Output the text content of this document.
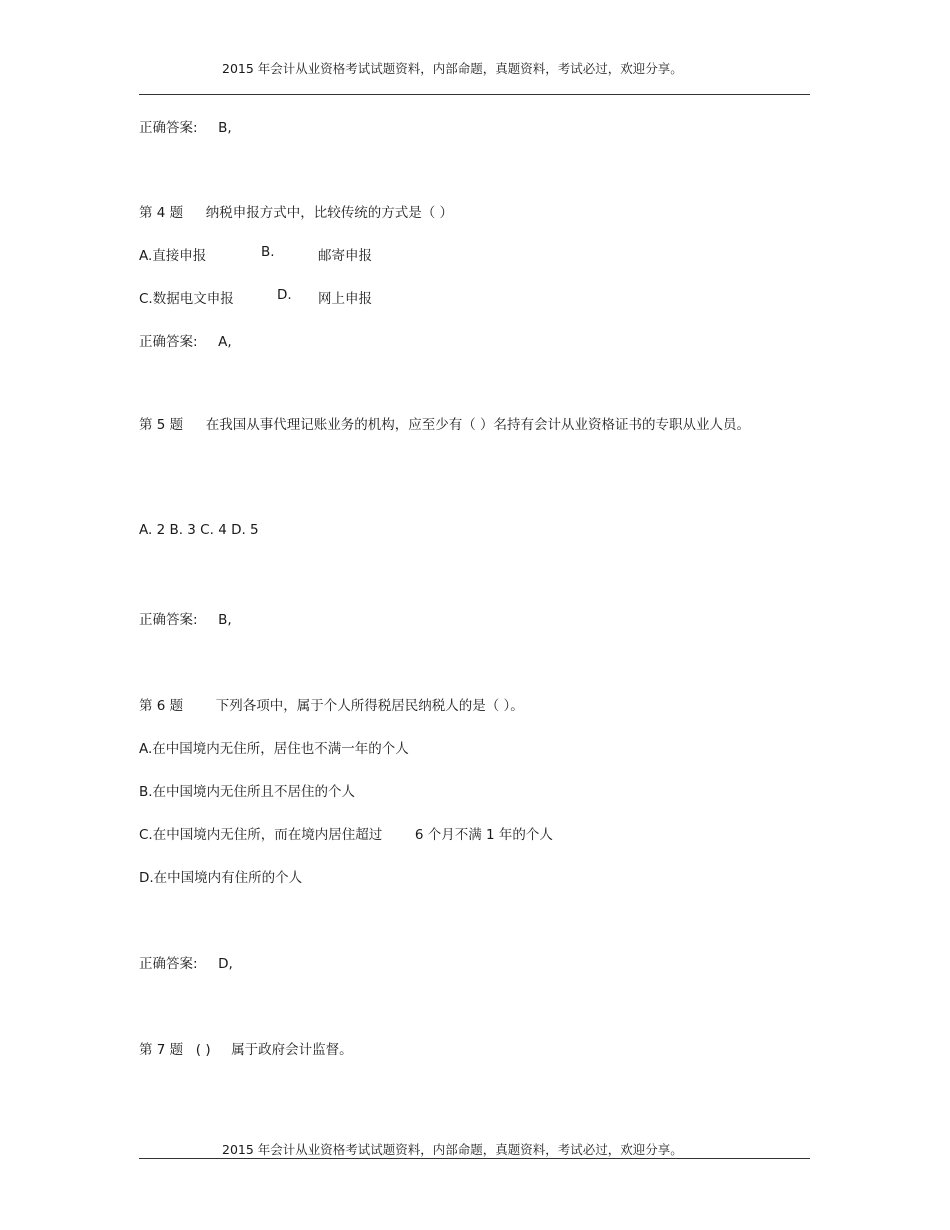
2015 年会计从业资格考试试题资料，内部命题，真题资料，考试必过，欢迎分享。
正确答案: B,
第 4 题 纳税申报方式中，比较传统的方式是（ ）
A.直接申报	B.	邮寄申报
C.数据电文申报	D. 网上申报
正确答案: A,
第 5 题 在我国从事代理记账业务的机构，应至少有（ ）名持有会计从业资格证书的专职从业人员。
A. 2 B. 3 C. 4 D. 5
正确答案: B,
第 6 题 下列各项中，属于个人所得税居民纳税人的是（ ）。
A.在中国境内无住所，居住也不满一年的个人
B.在中国境内无住所且不居住的个人
C.在中国境内无住所，而在境内居住超过 6 个月不满 1 年的个人
D.在中国境内有住所的个人
正确答案: D,
第 7 题 ( ) 属于政府会计监督。
2015 年会计从业资格考试试题资料，内部命题，真题资料，考试必过，欢迎分享。
